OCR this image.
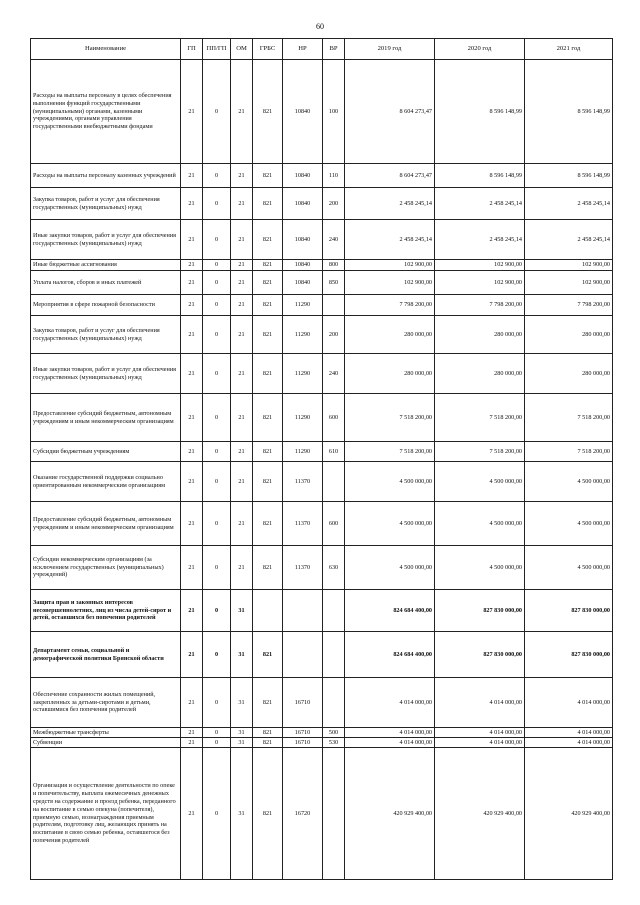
60
Наименование	ГП	ПП/ГП	ОМ	ГРБС	НР	ВР	2019 год	2020 год	2021 год
Расходы на выплаты персоналу в целях обеспечения выполнения функций государственными (муниципальными) органами, казенными учреждениями, органами управления государственными внебюджетными фондами	21	0	21	821	10840	100	8 604 273,47	8 596 148,99	8 596 148,99
Расходы на выплаты персоналу казенных учреждений	21	0	21	821	10840	110	8 604 273,47	8 596 148,99	8 596 148,99
Закупка товаров, работ и услуг для обеспечения государственных (муниципальных) нужд	21	0	21	821	10840	200	2 458 245,14	2 458 245,14	2 458 245,14
Иные закупки товаров, работ и услуг для обеспечения государственных (муниципальных) нужд	21	0	21	821	10840	240	2 458 245,14	2 458 245,14	2 458 245,14
Иные бюджетные ассигнования	21	0	21	821	10840	800	102 900,00	102 900,00	102 900,00
Уплата налогов, сборов и иных платежей	21	0	21	821	10840	850	102 900,00	102 900,00	102 900,00
Мероприятия в сфере пожарной безопасности	21	0	21	821	11290		7 798 200,00	7 798 200,00	7 798 200,00
Закупка товаров, работ и услуг для обеспечения государственных (муниципальных) нужд	21	0	21	821	11290	200	280 000,00	280 000,00	280 000,00
Иные закупки товаров, работ и услуг для обеспечения государственных (муниципальных) нужд	21	0	21	821	11290	240	280 000,00	280 000,00	280 000,00
Предоставление субсидий бюджетным, автономным учреждениям и иным некоммерческим организациям	21	0	21	821	11290	600	7 518 200,00	7 518 200,00	7 518 200,00
Субсидии бюджетным учреждениям	21	0	21	821	11290	610	7 518 200,00	7 518 200,00	7 518 200,00
Оказание государственной поддержки социально ориентированным некоммерческим организациям	21	0	21	821	11370		4 500 000,00	4 500 000,00	4 500 000,00
Предоставление субсидий бюджетным, автономным учреждениям и иным некоммерческим организациям	21	0	21	821	11370	600	4 500 000,00	4 500 000,00	4 500 000,00
Субсидии некоммерческим организациям (за исключением государственных (муниципальных) учреждений)	21	0	21	821	11370	630	4 500 000,00	4 500 000,00	4 500 000,00
Защита прав и законных интересов несовершеннолетних, лиц из числа детей-сирот и детей, оставшихся без попечения родителей	21	0	31				824 684 400,00	827 830 000,00	827 830 000,00
Департамент семьи, социальной и демографической политики Брянской области	21	0	31	821			824 684 400,00	827 830 000,00	827 830 000,00
Обеспечение сохранности жилых помещений, закрепленных за детьми-сиротами и детьми, оставшимися без попечения родителей	21	0	31	821	16710		4 014 000,00	4 014 000,00	4 014 000,00
Межбюджетные трансферты	21	0	31	821	16710	500	4 014 000,00	4 014 000,00	4 014 000,00
Субвенции	21	0	31	821	16710	530	4 014 000,00	4 014 000,00	4 014 000,00
Организация и осуществление деятельности по опеке и попечительству, выплата ежемесячных денежных средств на содержание и проезд ребенка, переданного на воспитание в семью опекуна (попечителя), приемную семью, вознаграждения приемным родителям, подготовку лиц, желающих принять на воспитание в свою семью ребенка, оставшегося без попечения родителей	21	0	31	821	16720		420 929 400,00	420 929 400,00	420 929 400,00
